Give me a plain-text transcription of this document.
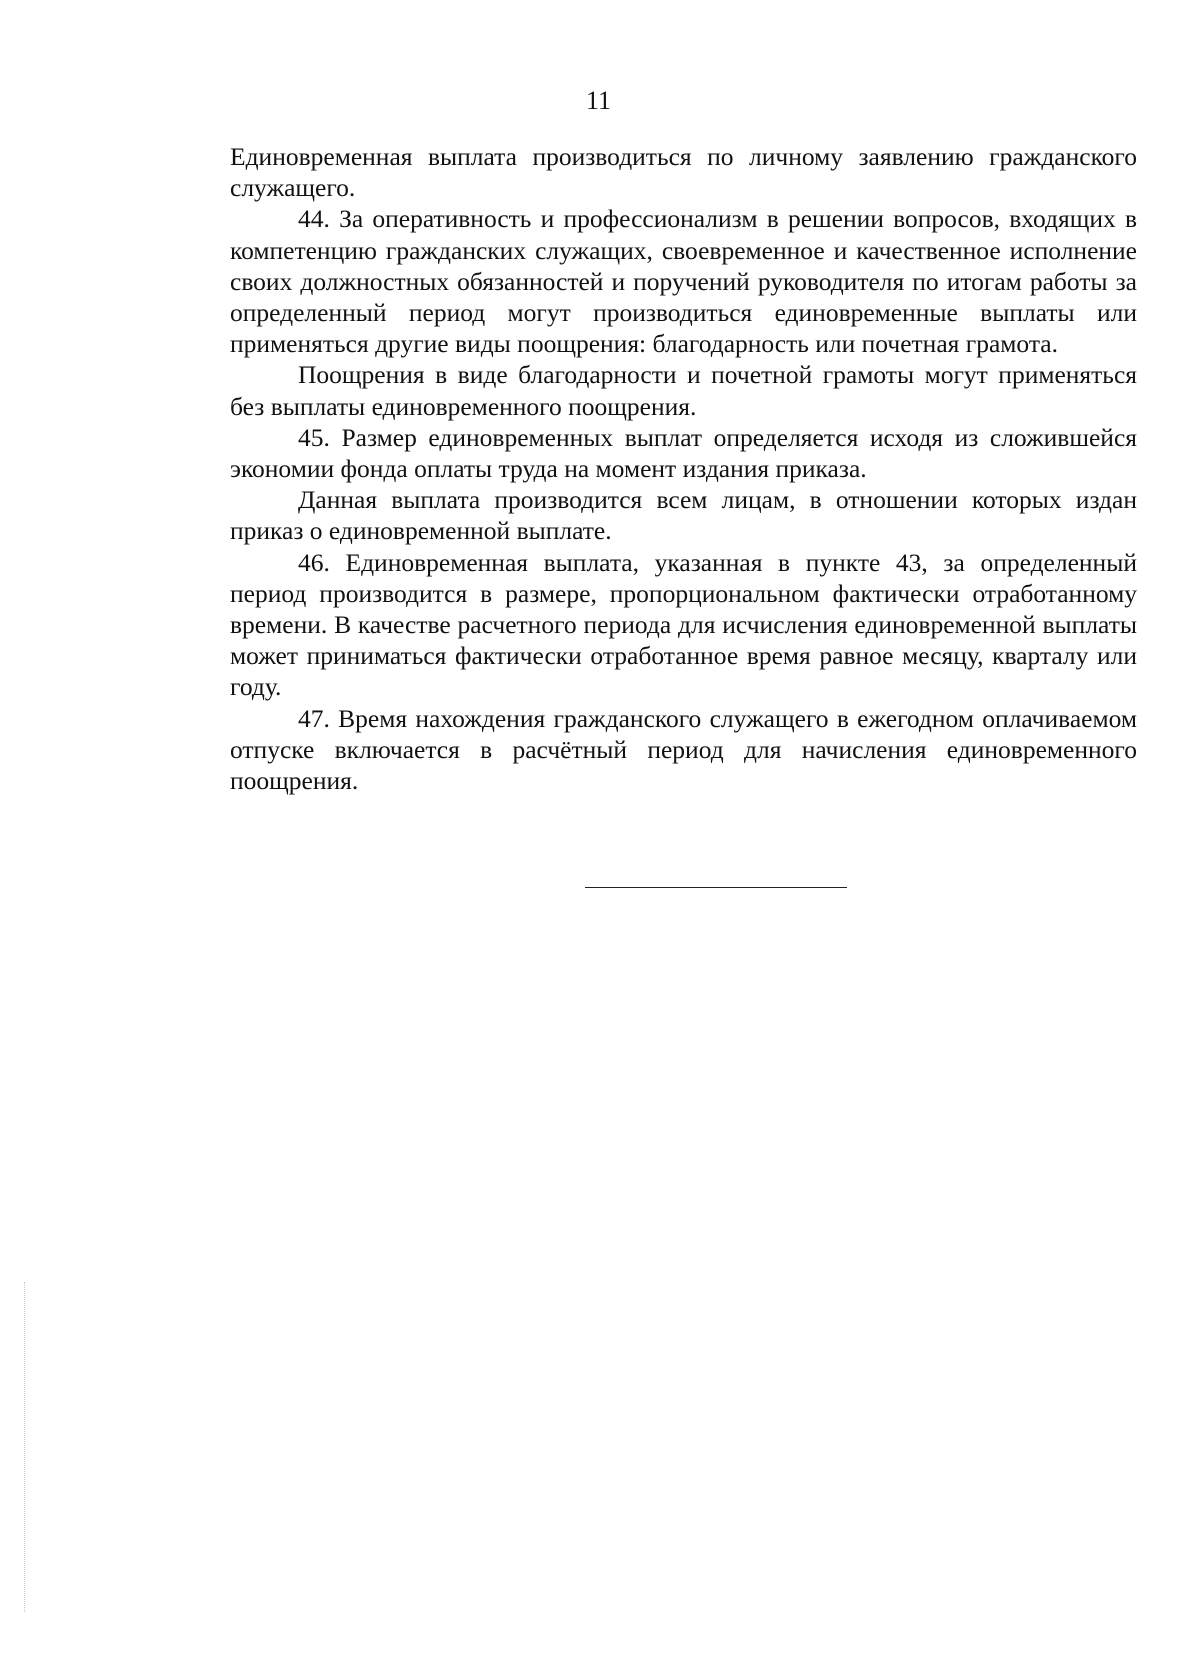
11

Единовременная выплата производиться по личному заявлению гражданского служащего.

44. За оперативность и профессионализм в решении вопросов, входящих в компетенцию гражданских служащих, своевременное и качественное исполнение своих должностных обязанностей и поручений руководителя по итогам работы за определенный период могут производиться единовременные выплаты или применяться другие виды поощрения: благодарность или почетная грамота.

Поощрения в виде благодарности и почетной грамоты могут применяться без выплаты единовременного поощрения.

45. Размер единовременных выплат определяется исходя из сложившейся экономии фонда оплаты труда на момент издания приказа.

Данная выплата производится всем лицам, в отношении которых издан приказ о единовременной выплате.

46. Единовременная выплата, указанная в пункте 43, за определенный период производится в размере, пропорциональном фактически отработанному времени. В качестве расчетного периода для исчисления единовременной выплаты может приниматься фактически отработанное время равное месяцу, кварталу или году.

47. Время нахождения гражданского служащего в ежегодном оплачиваемом отпуске включается в расчётный период для начисления единовременного поощрения.
